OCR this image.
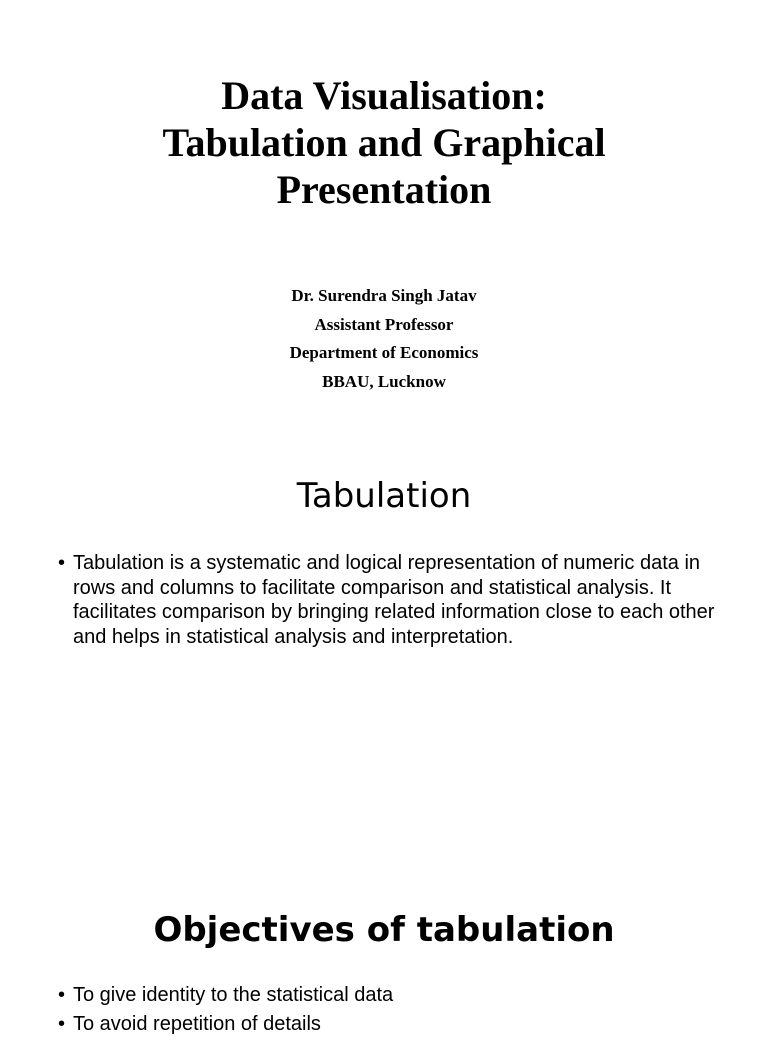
Data Visualisation:
Tabulation and Graphical
Presentation
Dr. Surendra Singh Jatav
Assistant Professor
Department of Economics
BBAU, Lucknow
Tabulation
• Tabulation is a systematic and logical representation of numeric data in rows and columns to facilitate comparison and statistical analysis. It facilitates comparison by bringing related information close to each other and helps in statistical analysis and interpretation.
Objectives of tabulation
• To give identity to the statistical data
• To avoid repetition of details
